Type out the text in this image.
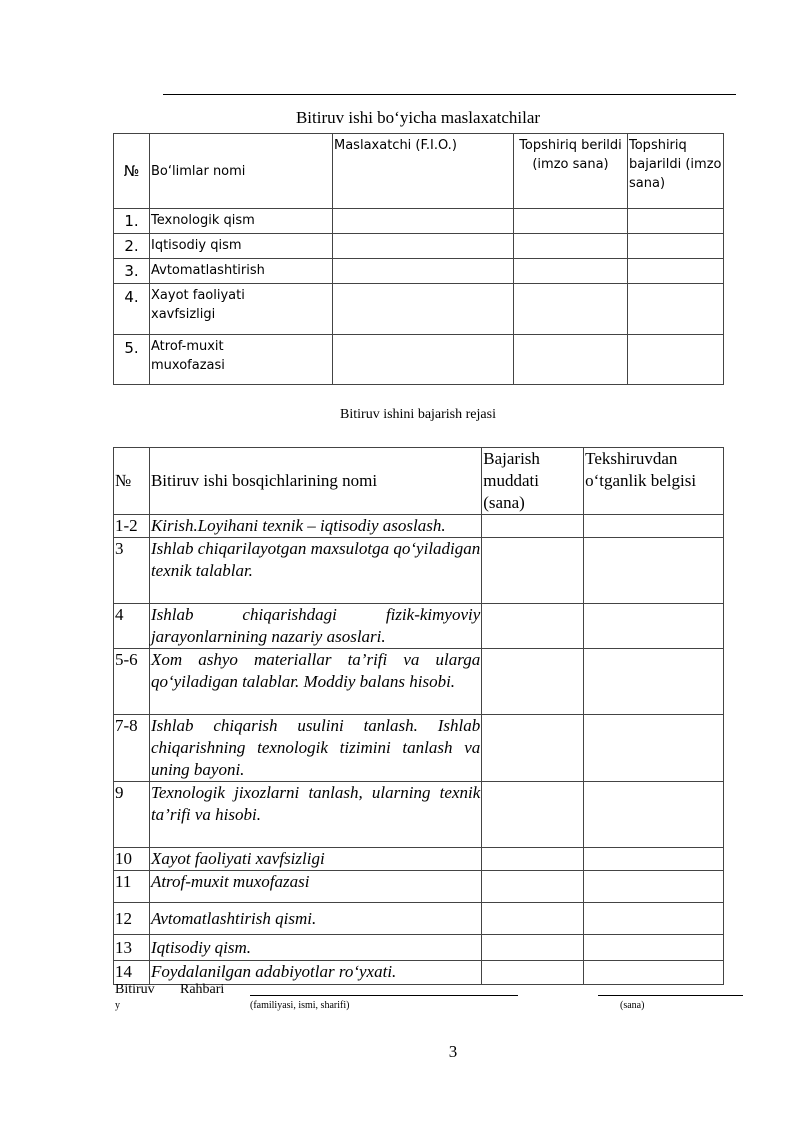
Bitiruv ishi bo‘yicha maslaxatchilar
№	Bo‘limlar nomi	Maslaxatchi (F.I.O.)	Topshiriq berildi (imzo sana)	Topshiriq bajarildi (imzo sana)
1.	Texnologik qism			
2.	Iqtisodiy qism			
3.	Avtomatlashtirish			
4.	Xayot faoliyati xavfsizligi			

5.	Atrof-muxit muxofazasi			

Bitiruv ishini bajarish rejasi
№	Bitiruv ishi bosqichlarining nomi	Bajarish muddati (sana)	Tekshiruvdan o‘tganlik belgisi
1-2	Kirish.Loyihani texnik – iqtisodiy asoslash.		
3	Ishlab chiqarilayotgan maxsulotga qo‘yiladigan texnik talablar.		
4	Ishlab chiqarishdagi fizik-kimyoviy jarayonlarnining nazariy asoslari.		
5-6	Xom ashyo materiallar ta’rifi va ularga qo‘yiladigan talablar. Moddiy balans hisobi.		
7-8	Ishlab chiqarish usulini tanlash. Ishlab chiqarishning texnologik tizimini tanlash va uning bayoni.		
9	Texnologik jixozlarni tanlash, ularning texnik ta’rifi va hisobi.		
10	Xayot faoliyati xavfsizligi		
11	Atrof-muxit muxofazasi		
12	Avtomatlashtirish qismi.		
13	Iqtisodiy qism.		
14	Foydalanilgan adabiyotlar ro‘yxati.		
Bitiruv Rahbari
y	(familiyasi, ismi, sharifi)	(sana)
3
